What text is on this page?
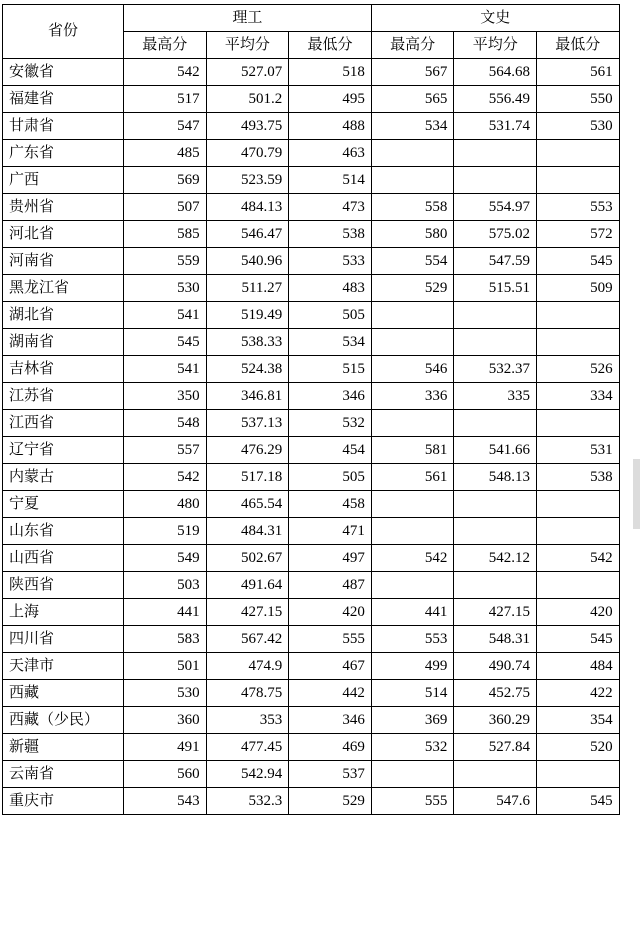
省份	理工			文史		
	最高分	平均分	最低分	最高分	平均分	最低分
安徽省	542	527.07	518	567	564.68	561
福建省	517	501.2	495	565	556.49	550
甘肃省	547	493.75	488	534	531.74	530
广东省	485	470.79	463			
广西	569	523.59	514			
贵州省	507	484.13	473	558	554.97	553
河北省	585	546.47	538	580	575.02	572
河南省	559	540.96	533	554	547.59	545
黑龙江省	530	511.27	483	529	515.51	509
湖北省	541	519.49	505			
湖南省	545	538.33	534			
吉林省	541	524.38	515	546	532.37	526
江苏省	350	346.81	346	336	335	334
江西省	548	537.13	532			
辽宁省	557	476.29	454	581	541.66	531
内蒙古	542	517.18	505	561	548.13	538
宁夏	480	465.54	458			
山东省	519	484.31	471			
山西省	549	502.67	497	542	542.12	542
陕西省	503	491.64	487			
上海	441	427.15	420	441	427.15	420
四川省	583	567.42	555	553	548.31	545
天津市	501	474.9	467	499	490.74	484
西藏	530	478.75	442	514	452.75	422
西藏（少民）	360	353	346	369	360.29	354
新疆	491	477.45	469	532	527.84	520
云南省	560	542.94	537			
重庆市	543	532.3	529	555	547.6	545
